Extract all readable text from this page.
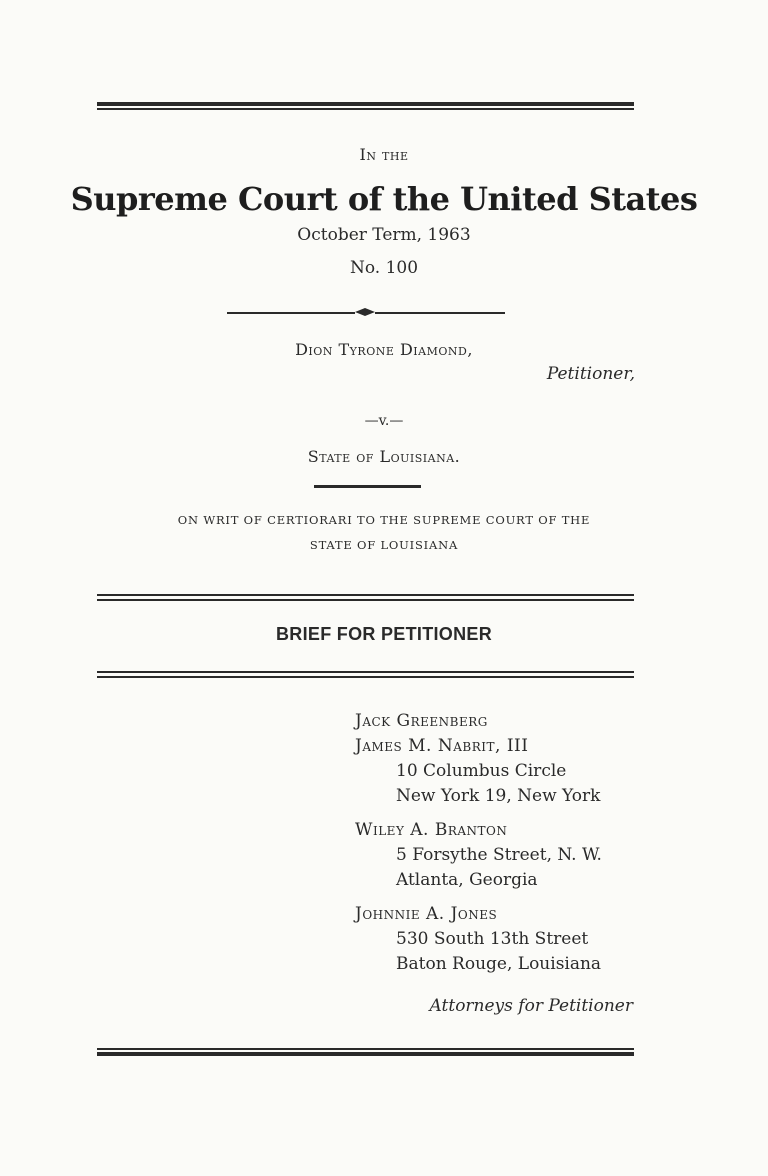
In the
Supreme Court of the United States
October Term, 1963
No. 100
Dion Tyrone Diamond,
Petitioner,
—v.—
State of Louisiana.
ON WRIT OF CERTIORARI TO THE SUPREME COURT OF THE
STATE OF LOUISIANA
BRIEF FOR PETITIONER
Jack Greenberg
James M. Nabrit, III
10 Columbus Circle
New York 19, New York
Wiley A. Branton
5 Forsythe Street, N. W.
Atlanta, Georgia
Johnnie A. Jones
530 South 13th Street
Baton Rouge, Louisiana
Attorneys for Petitioner
